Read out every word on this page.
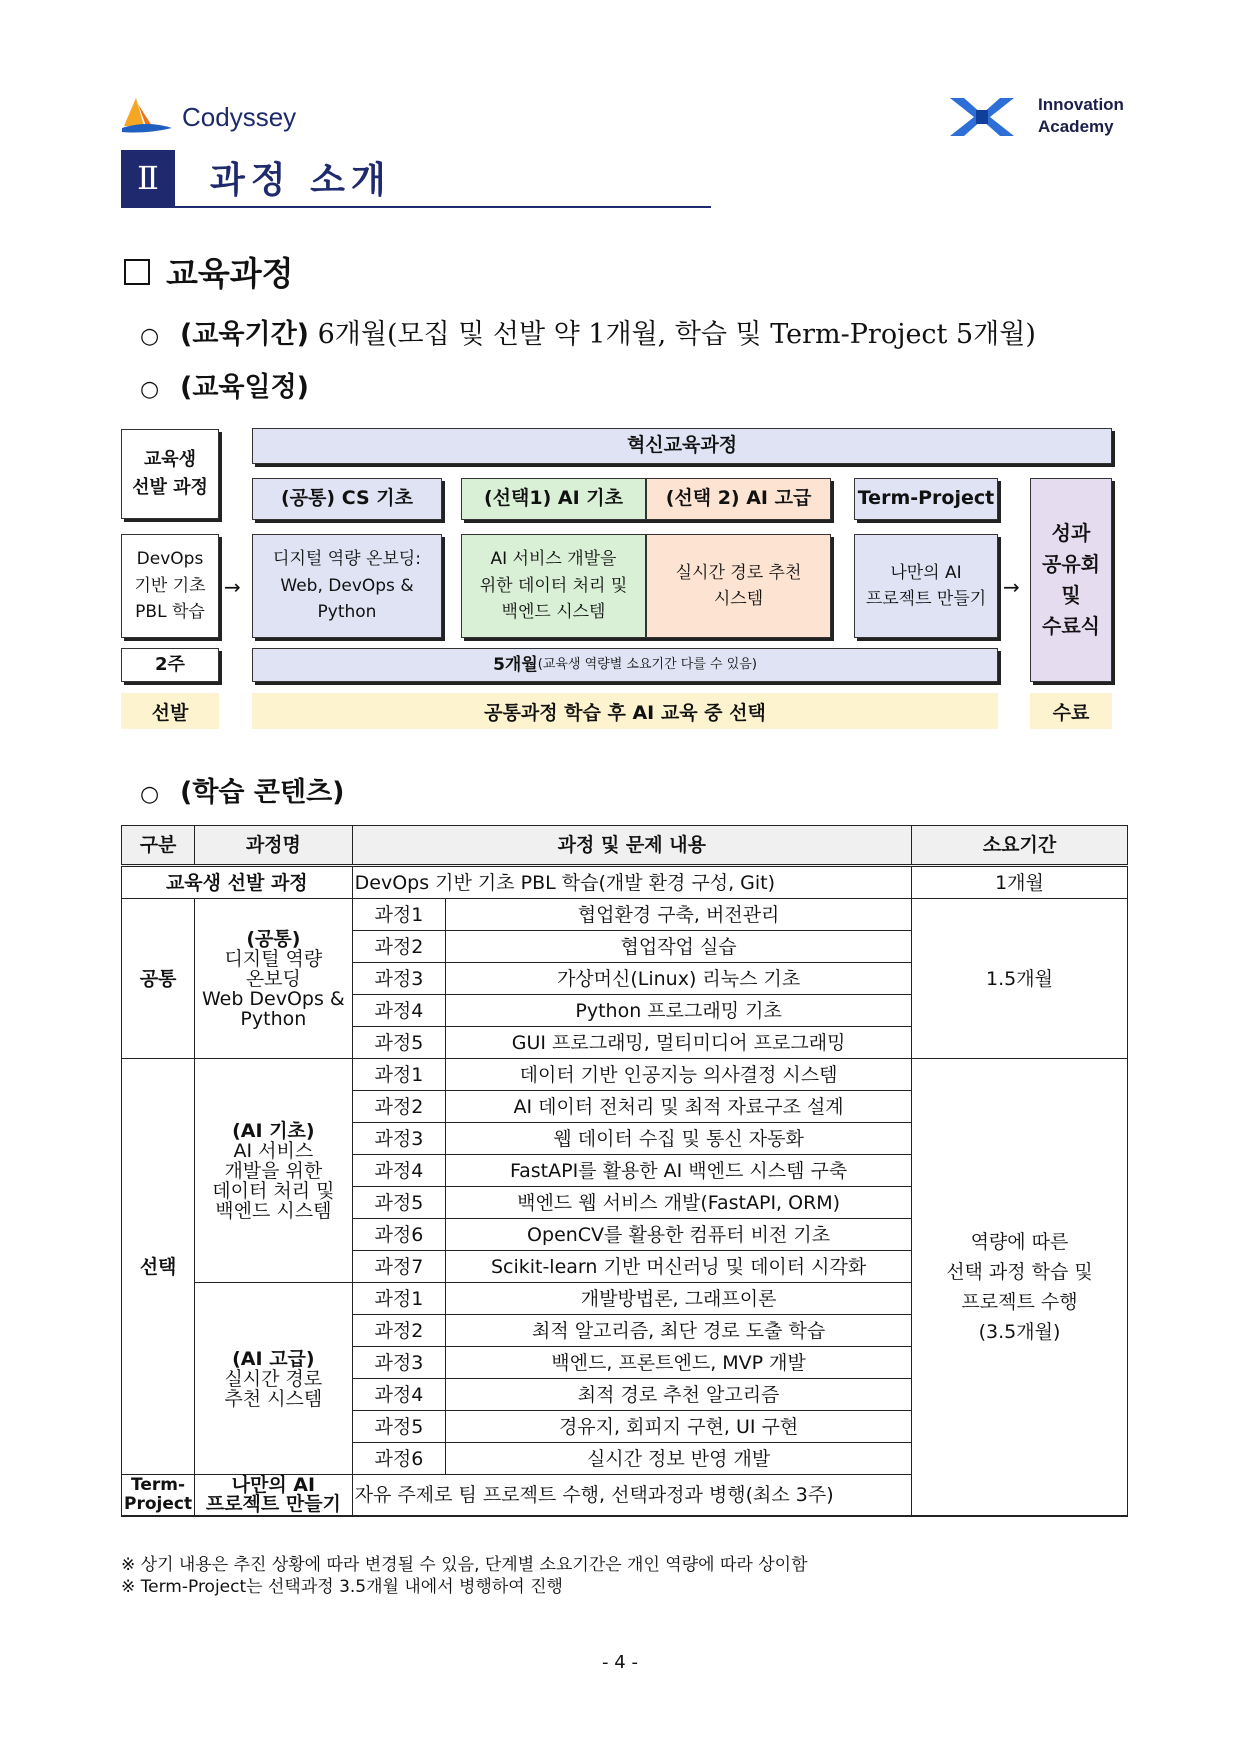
Codyssey	Innovation
Academy
Ⅱ	과정 소개
교육과정
○ (교육기간)
6개월 (모집 및 선발 약 1개월, 학습 및 Term-Project 5개월)
○ (교육일정)
교육생
선발 과정
DevOps
기반 기초
PBL 학습
2주
선발
→
혁신교육과정
(공통) CS 기초
디지털 역량 온보딩:
Web, DevOps &
Python
(선택1) AI 기초
AI 서비스 개발을
위한 데이터 처리 및
백엔드 시스템
(선택 2) AI 고급
실시간 경로 추천
시스템
Term-Project
나만의 AI
프로젝트 만들기 →
성과
공유회
및
수료식
5개월 (교육생 역량별 소요기간 다를 수 있음)
공통과정 학습 후 AI 교육 중 선택	수료
○ (학습 콘텐츠)
구분	과정명	과정 및 문제 내용		소요기간
교육생 선발 과정		DevOps 기반 기초 PBL 학습(개발 환경 구성, Git)		1개월
공통	(공통)
디지털 역량
온보딩
Web DevOps &
Python	과정1	협업환경 구축, 버전관리	1.5개월
		과정2	협업작업 실습	
		과정3	가상머신(Linux) 리눅스 기초	
		과정4	Python 프로그래밍 기초	
		과정5	GUI 프로그래밍, 멀티미디어 프로그래밍	
선택	(AI 기초)
AI 서비스
개발을 위한
데이터 처리 및
백엔드 시스템	과정1	데이터 기반 인공지능 의사결정 시스템	역량에 따른
선택 과정 학습 및
프로젝트 수행
(3.5개월)
		과정2	AI 데이터 전처리 및 최적 자료구조 설계	
		과정3	웹 데이터 수집 및 통신 자동화	
		과정4	FastAPI를 활용한 AI 백엔드 시스템 구축	
		과정5	백엔드 웹 서비스 개발(FastAPI, ORM)	
		과정6	OpenCV를 활용한 컴퓨터 비전 기초	
		과정7	Scikit-learn 기반 머신러닝 및 데이터 시각화	
	(AI 고급)
실시간 경로
추천 시스템	과정1	개발방법론, 그래프이론	
		과정2	최적 알고리즘, 최단 경로 도출 학습	
		과정3	백엔드, 프론트엔드, MVP 개발	
		과정4	최적 경로 추천 알고리즘	
		과정5	경유지, 회피지 구현, UI 구현	
		과정6	실시간 정보 반영 개발	
Term-
Project	나만의 AI
프로젝트 만들기	자유 주제로 팀 프로젝트 수행, 선택과정과 병행(최소 3주)		
※ 상기 내용은 추진 상황에 따라 변경될 수 있음, 단계별 소요기간은 개인 역량에 따라 상이함
※ Term-Project는 선택과정 3.5개월 내에서 병행하여 진행
- 4 -
